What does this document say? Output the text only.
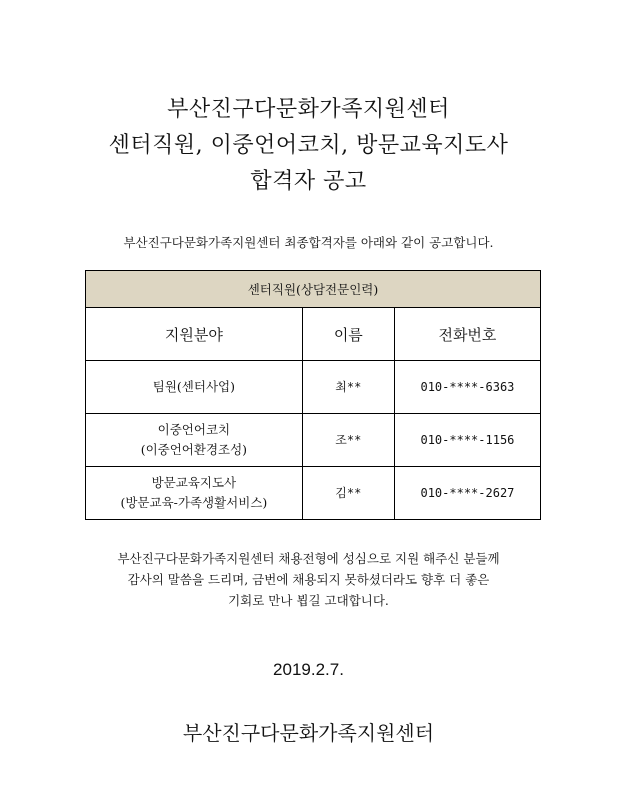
부산진구다문화가족지원센터
센터직원, 이중언어코치, 방문교육지도사
합격자 공고
부산진구다문화가족지원센터 최종합격자를 아래와 같이 공고합니다.
센터직원(상담전문인력)		
지원분야	이름	전화번호

팀원(센터사업)	최**	010-****-6363

이중언어코치
(이중언어환경조성)	조**	010-****-1156

방문교육지도사
(방문교육-가족생활서비스)	김**	010-****-2627
부산진구다문화가족지원센터 채용전형에 성심으로 지원 해주신 분들께
감사의 말씀을 드리며, 금번에 채용되지 못하셨더라도 향후 더 좋은
기회로 만나 뵙길 고대합니다.
2019.2.7.
부산진구다문화가족지원센터
